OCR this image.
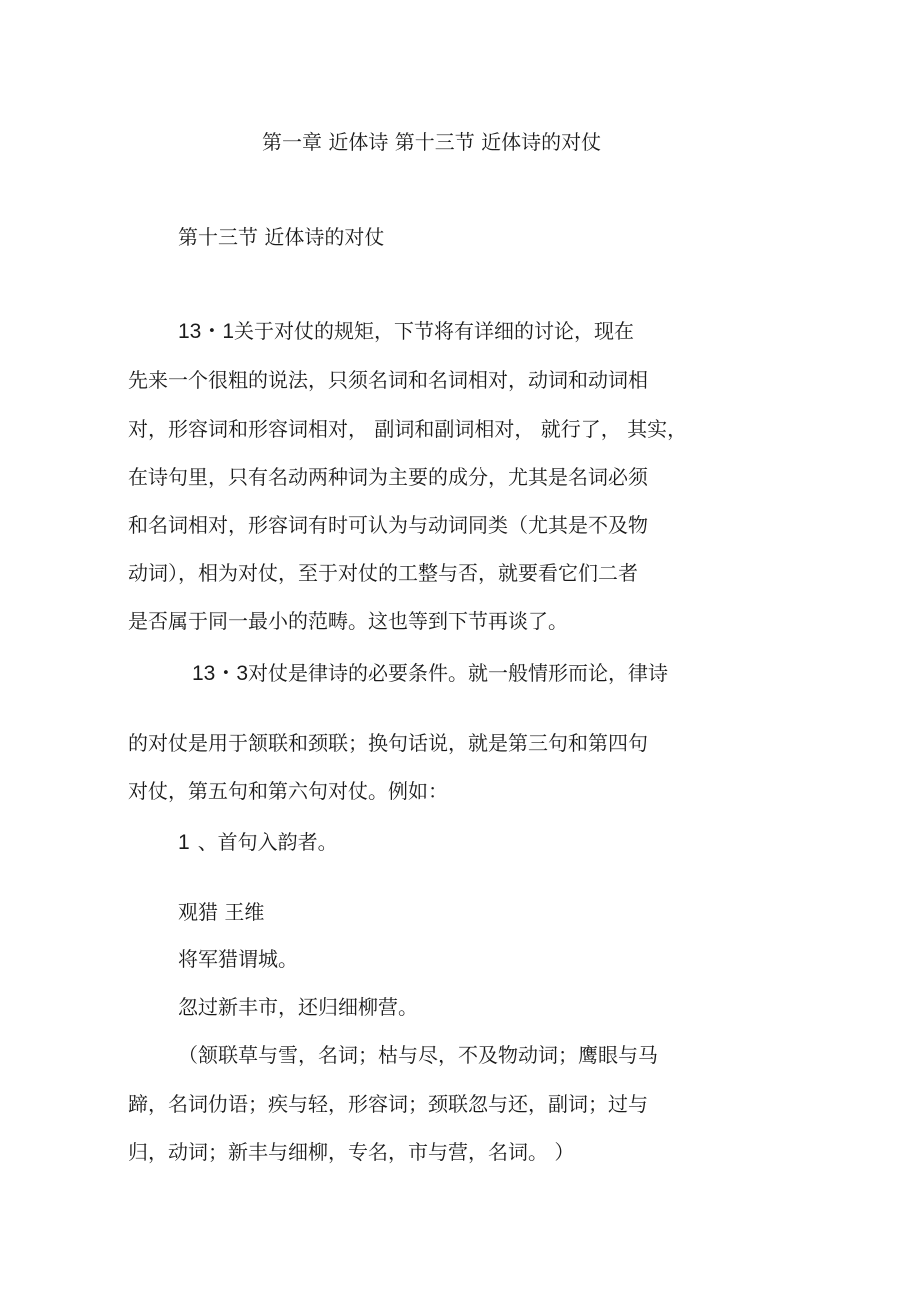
第一章 近体诗 第十三节 近体诗的对仗

第十三节 近体诗的对仗

13・1关于对仗的规矩，下节将有详细的讨论，现在

先来一个很粗的说法，只须名词和名词相对，动词和动词相

对，形容词和形容词相对， 副词和副词相对， 就行了， 其实，

在诗句里，只有名动两种词为主要的成分，尤其是名词必须

和名词相对，形容词有时可认为与动词同类（尤其是不及物

动词），相为对仗，至于对仗的工整与否，就要看它们二者

是否属于同一最小的范畴。这也等到下节再谈了。

13・3对仗是律诗的必要条件。就一般情形而论，律诗

的对仗是用于颔联和颈联；换句话说，就是第三句和第四句

对仗，第五句和第六句对仗。例如：

1 、首句入韵者。

观猎 王维

将军猎谓城。

忽过新丰市，还归细柳营。

（颔联草与雪，名词；枯与尽，不及物动词；鹰眼与马

蹄，名词仂语；疾与轻，形容词；颈联忽与还，副词；过与

归，动词；新丰与细柳，专名，市与营，名词。 ）
